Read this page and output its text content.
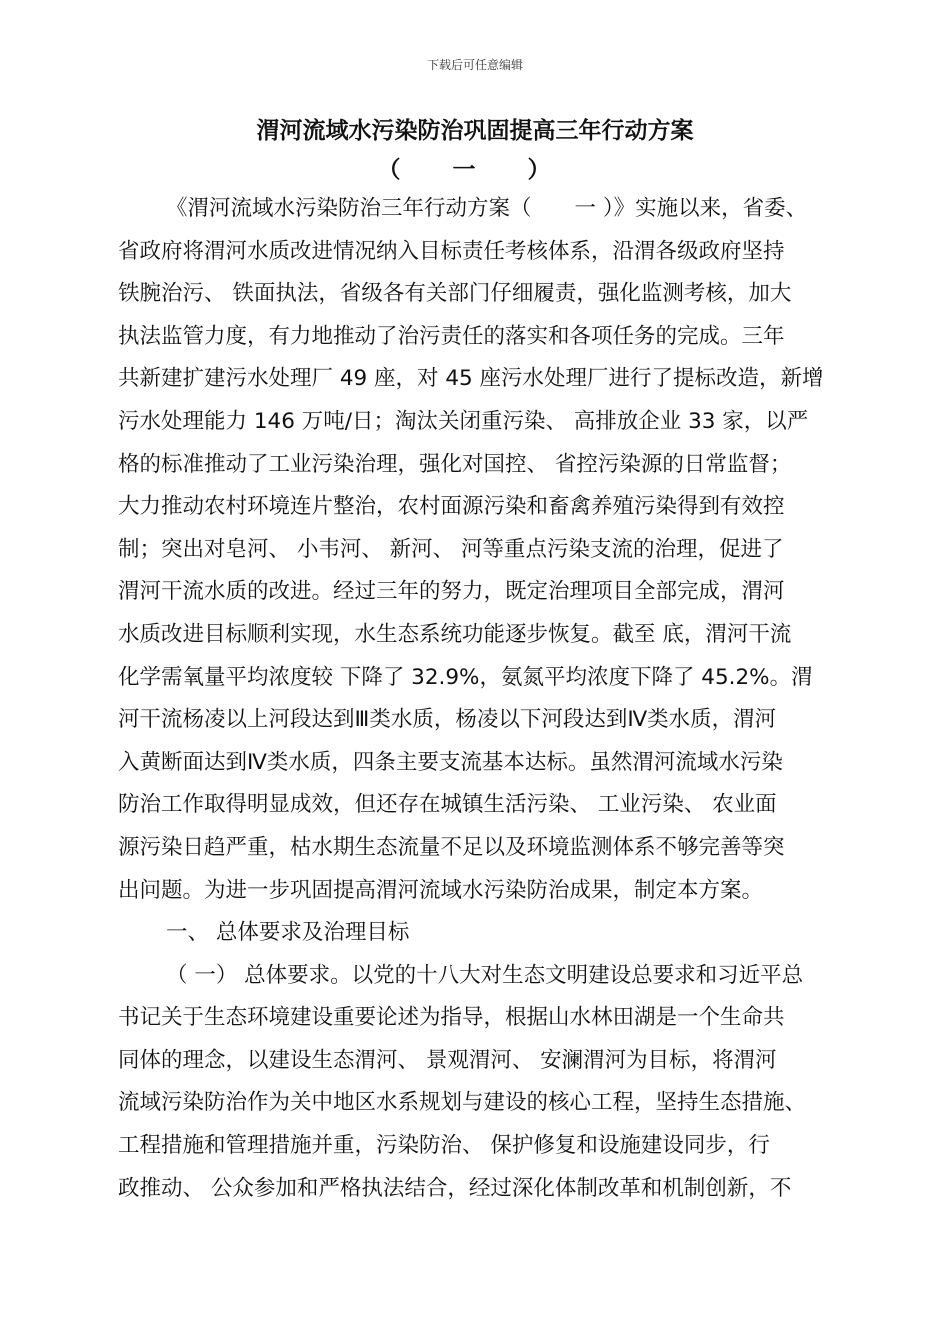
下载后可任意编辑
渭河流域水污染防治巩固提高三年行动方案
（ 一 ）
《渭河流域水污染防治三年行动方案（　　一 ）》实施以来，省委、
省政府将渭河水质改进情况纳入目标责任考核体系，沿渭各级政府坚持
铁腕治污、 铁面执法，省级各有关部门仔细履责，强化监测考核，加大
执法监管力度，有力地推动了治污责任的落实和各项任务的完成。三年
共新建扩建污水处理厂 49 座，对 45 座污水处理厂进行了提标改造，新增
污水处理能力 146 万吨/日；淘汰关闭重污染、 高排放企业 33 家，以严
格的标准推动了工业污染治理，强化对国控、 省控污染源的日常监督；
大力推动农村环境连片整治，农村面源污染和畜禽养殖污染得到有效控
制；突出对皂河、 小韦河、 新河、 河等重点污染支流的治理，促进了
渭河干流水质的改进。经过三年的努力，既定治理项目全部完成，渭河
水质改进目标顺利实现，水生态系统功能逐步恢复。截至 底，渭河干流
化学需氧量平均浓度较 下降了 32.9%，氨氮平均浓度下降了 45.2%。渭
河干流杨凌以上河段达到Ⅲ类水质，杨凌以下河段达到Ⅳ类水质，渭河
入黄断面达到Ⅳ类水质，四条主要支流基本达标。虽然渭河流域水污染
防治工作取得明显成效，但还存在城镇生活污染、 工业污染、 农业面
源污染日趋严重，枯水期生态流量不足以及环境监测体系不够完善等突
出问题。为进一步巩固提高渭河流域水污染防治成果，制定本方案。
一、 总体要求及治理目标
（ 一） 总体要求。以党的十八大对生态文明建设总要求和习近平总
书记关于生态环境建设重要论述为指导，根据山水林田湖是一个生命共
同体的理念，以建设生态渭河、 景观渭河、 安澜渭河为目标，将渭河
流域污染防治作为关中地区水系规划与建设的核心工程，坚持生态措施、
工程措施和管理措施并重，污染防治、 保护修复和设施建设同步，行
政推动、 公众参加和严格执法结合，经过深化体制改革和机制创新，不
